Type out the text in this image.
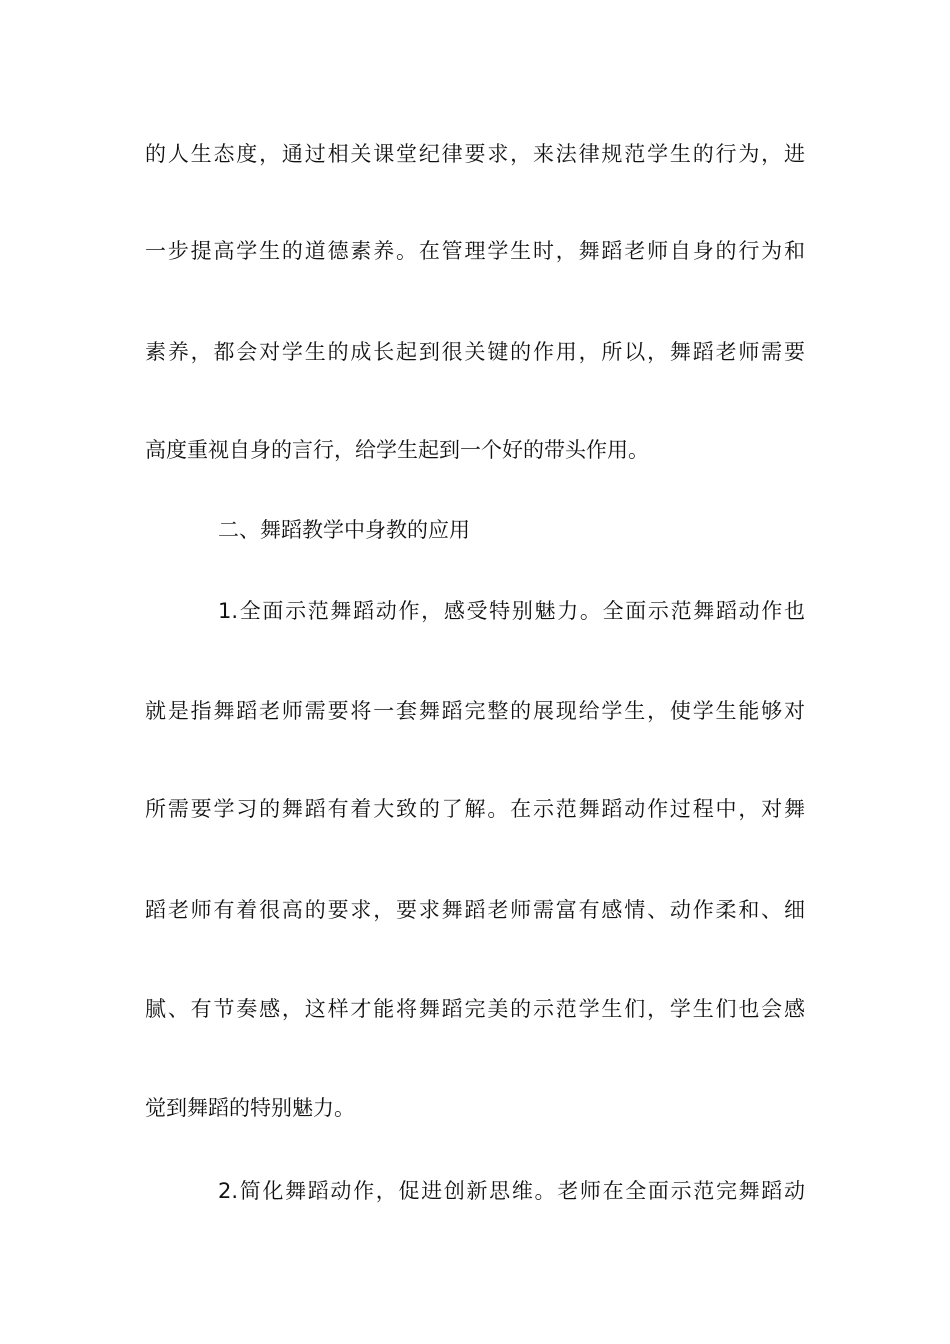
的人生态度，通过相关课堂纪律要求，来法律规范学生的行为，进

一步提高学生的道德素养。在管理学生时，舞蹈老师自身的行为和

素养，都会对学生的成长起到很关键的作用，所以，舞蹈老师需要

高度重视自身的言行，给学生起到一个好的带头作用。

二、舞蹈教学中身教的应用

1.全面示范舞蹈动作，感受特别魅力。全面示范舞蹈动作也

就是指舞蹈老师需要将一套舞蹈完整的展现给学生，使学生能够对

所需要学习的舞蹈有着大致的了解。在示范舞蹈动作过程中，对舞

蹈老师有着很高的要求，要求舞蹈老师需富有感情、动作柔和、细

腻、有节奏感，这样才能将舞蹈完美的示范学生们，学生们也会感

觉到舞蹈的特别魅力。

2.简化舞蹈动作，促进创新思维。老师在全面示范完舞蹈动
